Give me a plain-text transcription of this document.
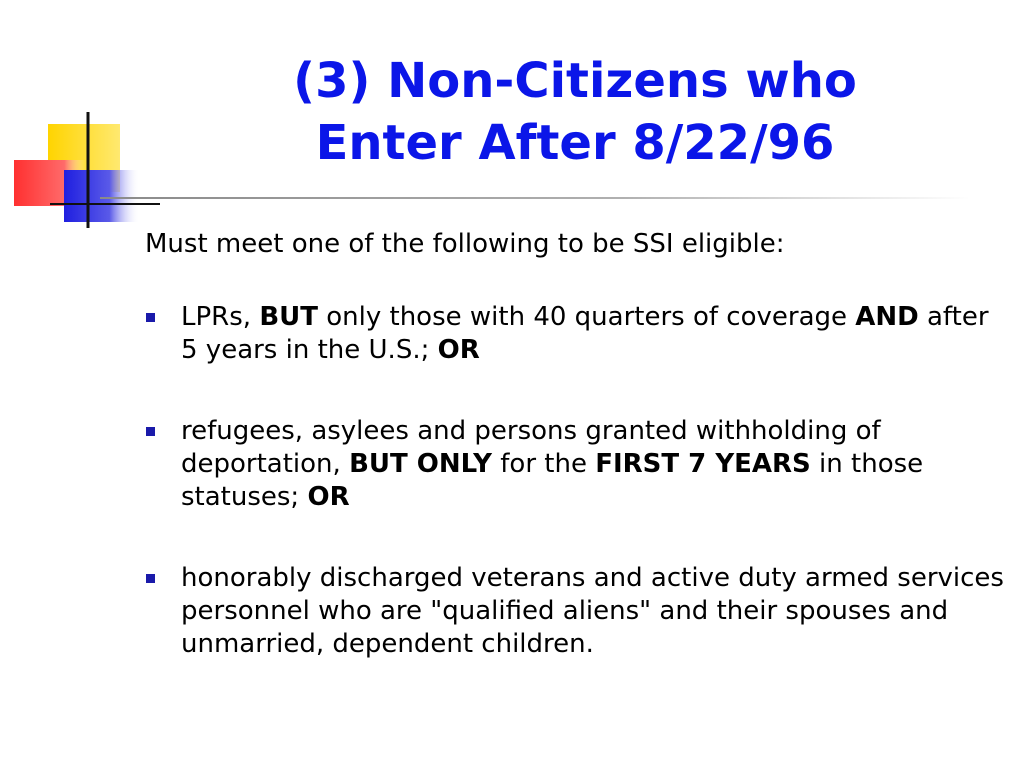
(3) Non-Citizens who
Enter After 8/22/96

Must meet one of the following to be SSI eligible:

LPRs, BUT only those with 40 quarters of coverage AND after 5 years in the U.S.; OR
refugees, asylees and persons granted withholding of deportation, BUT ONLY for the FIRST 7 YEARS in those statuses; OR
honorably discharged veterans and active duty armed services personnel who are "qualified aliens" and their spouses and unmarried, dependent children.
